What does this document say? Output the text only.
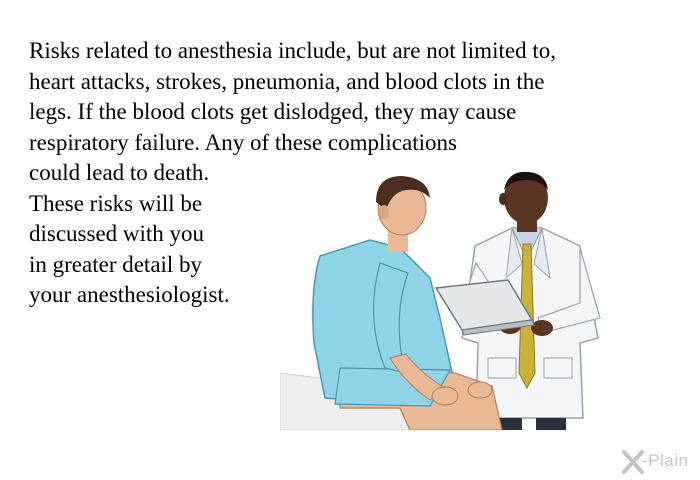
Risks related to anesthesia include, but are not limited to,
heart attacks, strokes, pneumonia, and blood clots in the
legs. If the blood clots get dislodged, they may cause
respiratory failure. Any of these complications
could lead to death.
These risks will be
discussed with you
in greater detail by
your anesthesiologist.
-Plain
